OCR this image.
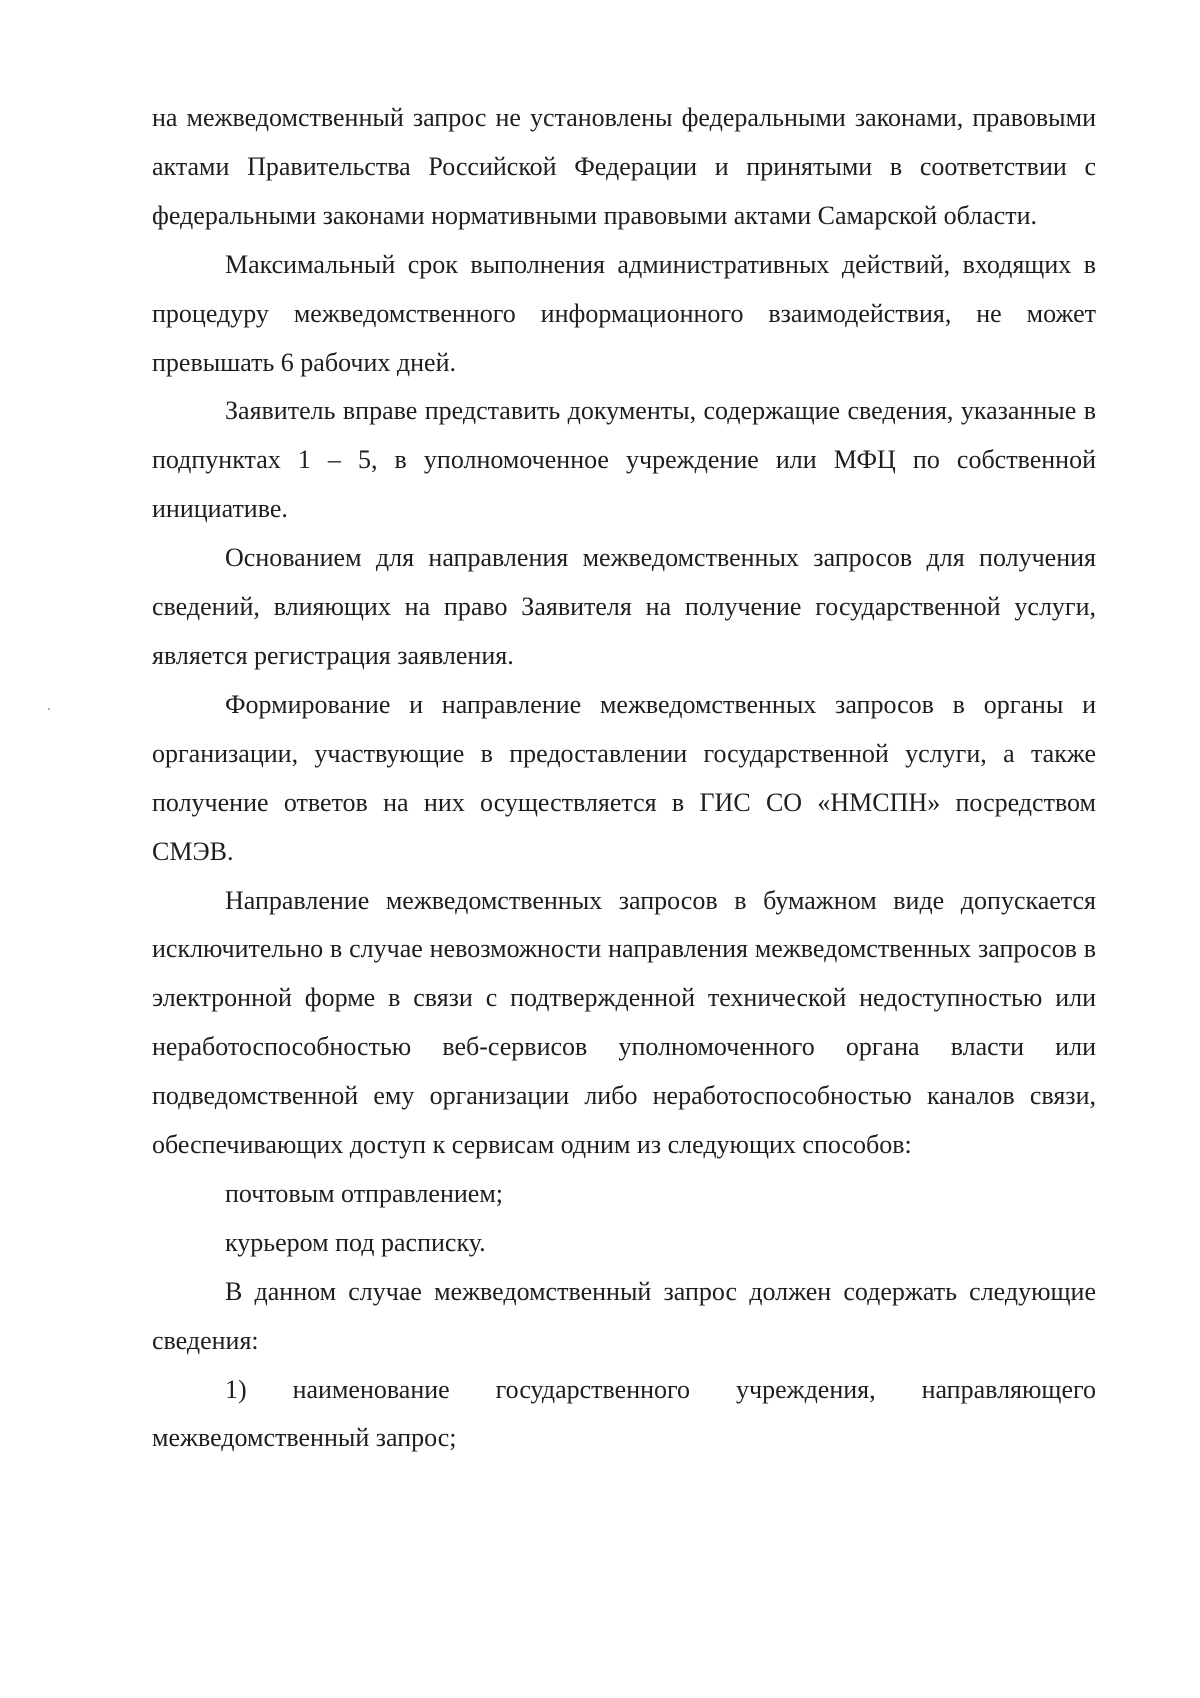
на межведомственный запрос не установлены федеральными законами, правовыми актами Правительства Российской Федерации и принятыми в соответствии с федеральными законами нормативными правовыми актами Самарской области.

Максимальный срок выполнения административных действий, входящих в процедуру межведомственного информационного взаимодействия, не может превышать 6 рабочих дней.

Заявитель вправе представить документы, содержащие сведения, указанные в подпунктах 1 – 5, в уполномоченное учреждение или МФЦ по собственной инициативе.

Основанием для направления межведомственных запросов для получения сведений, влияющих на право Заявителя на получение государственной услуги, является регистрация заявления.

Формирование и направление межведомственных запросов в органы и организации, участвующие в предоставлении государственной услуги, а также получение ответов на них осуществляется в ГИС СО «НМСПН» посредством СМЭВ.

Направление межведомственных запросов в бумажном виде допускается исключительно в случае невозможности направления межведомственных запросов в электронной форме в связи с подтвержденной технической недоступностью или неработоспособностью веб-сервисов уполномоченного органа власти или подведомственной ему организации либо неработоспособностью каналов связи, обеспечивающих доступ к сервисам одним из следующих способов:

почтовым отправлением;

курьером под расписку.

В данном случае межведомственный запрос должен содержать следующие сведения:

1) наименование государственного учреждения, направляющего межведомственный запрос;
